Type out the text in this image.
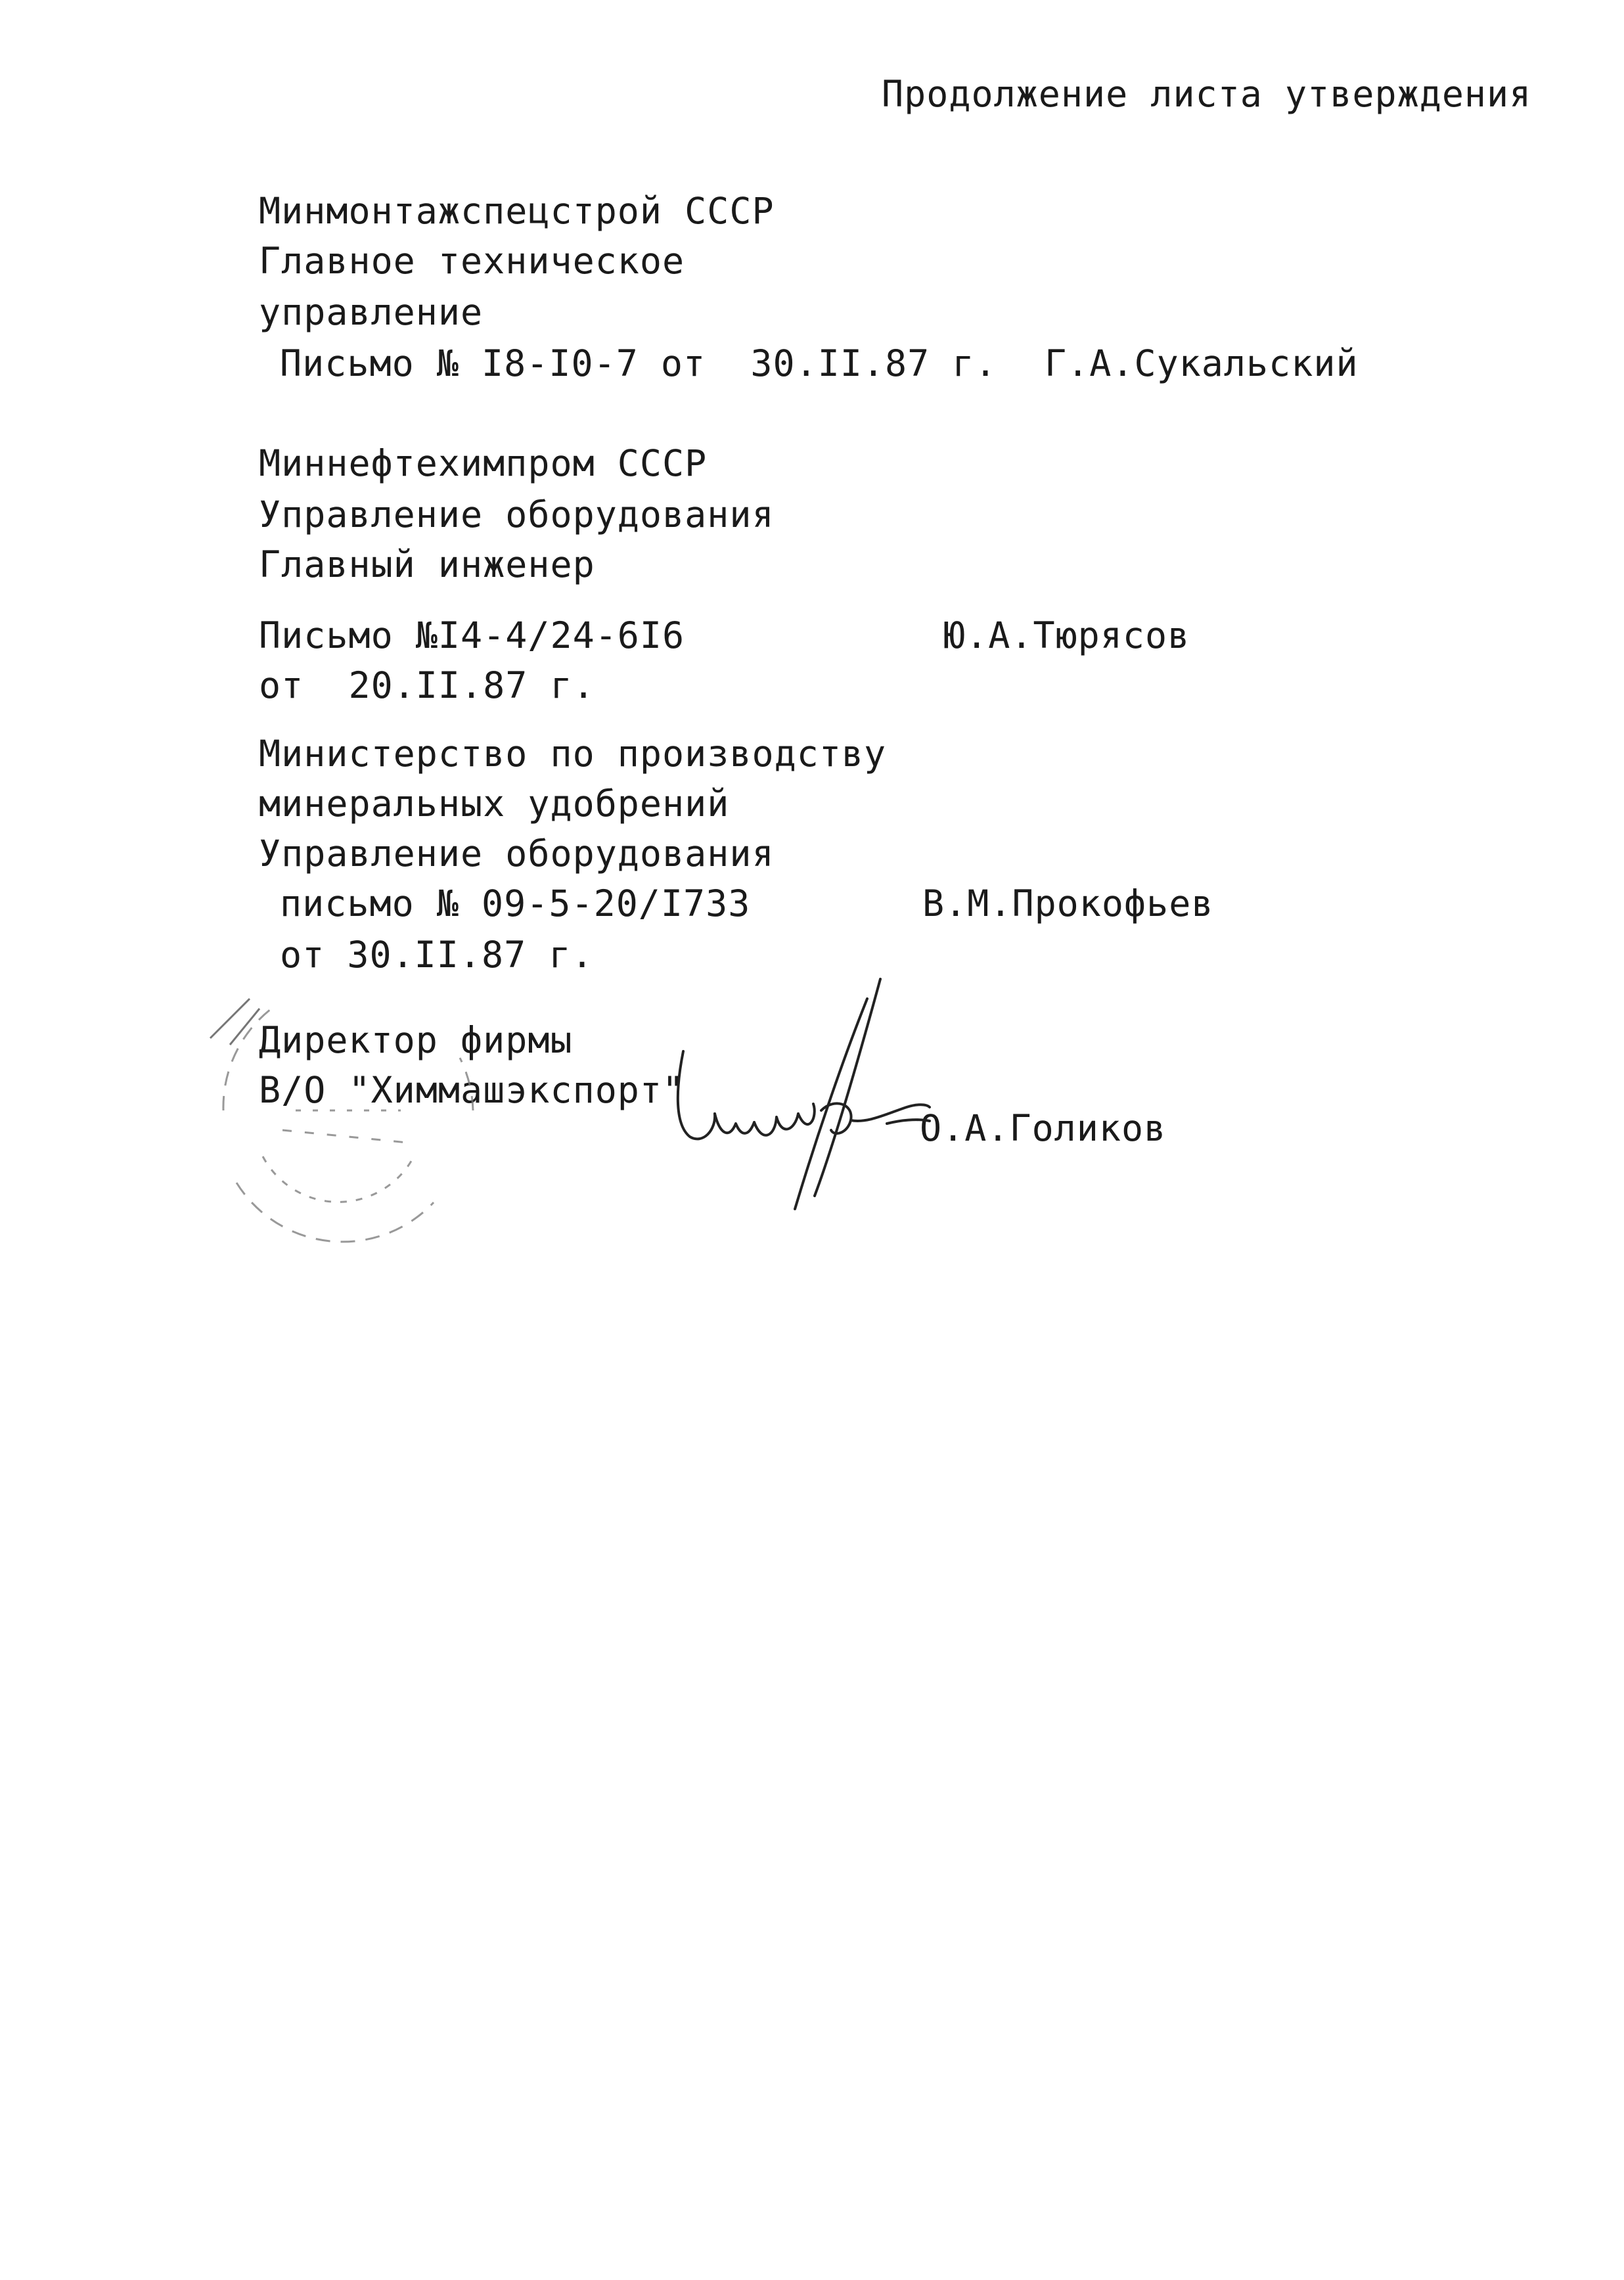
Продолжение листа утверждения
Минмонтажспецстрой СССР
Главное техническое
управление
Письмо № I8-I0-7 от  30.II.87 г. Г.А.Сукальский
Миннефтехимпром СССР
Управление оборудования
Главный инженер
Письмо №I4-4/24-6I6	Ю.А.Тюрясов
от  20.II.87 г.
Министерство по производству
минеральных удобрений
Управление оборудования
письмо № 09-5-20/I733	В.М.Прокофьев
от 30.II.87 г.
Директор фирмы
В/О "Химмашэкспорт"
О.А.Голиков
